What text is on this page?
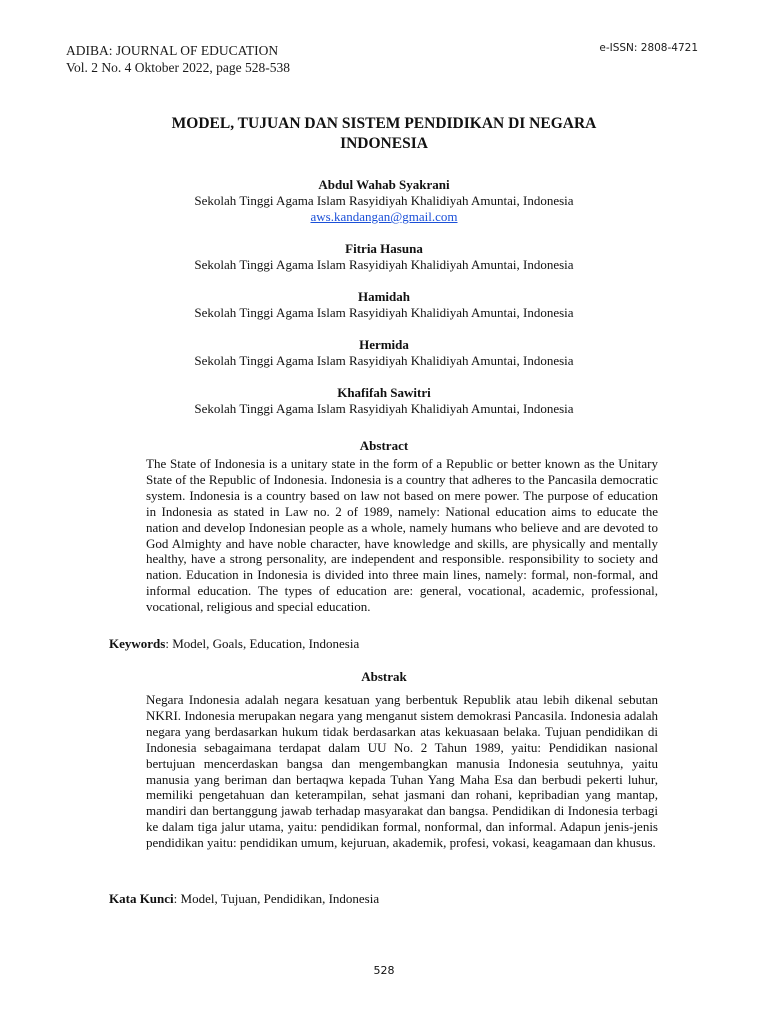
ADIBA: JOURNAL OF EDUCATION
Vol. 2 No. 4 Oktober 2022, page 528-538
e-ISSN: 2808-4721
MODEL, TUJUAN DAN SISTEM PENDIDIKAN DI NEGARA
INDONESIA
Abdul Wahab Syakrani
Sekolah Tinggi Agama Islam Rasyidiyah Khalidiyah Amuntai, Indonesia
aws.kandangan@gmail.com
Fitria Hasuna
Sekolah Tinggi Agama Islam Rasyidiyah Khalidiyah Amuntai, Indonesia
Hamidah
Sekolah Tinggi Agama Islam Rasyidiyah Khalidiyah Amuntai, Indonesia
Hermida
Sekolah Tinggi Agama Islam Rasyidiyah Khalidiyah Amuntai, Indonesia
Khafifah Sawitri
Sekolah Tinggi Agama Islam Rasyidiyah Khalidiyah Amuntai, Indonesia
Abstract
The State of Indonesia is a unitary state in the form of a Republic or better known as the Unitary State of the Republic of Indonesia. Indonesia is a country that adheres to the Pancasila democratic system. Indonesia is a country based on law not based on mere power. The purpose of education in Indonesia as stated in Law no. 2 of 1989, namely: National education aims to educate the nation and develop Indonesian people as a whole, namely humans who believe and are devoted to God Almighty and have noble character, have knowledge and skills, are physically and mentally healthy, have a strong personality, are independent and responsible. responsibility to society and nation. Education in Indonesia is divided into three main lines, namely: formal, non-formal, and informal education. The types of education are: general, vocational, academic, professional, vocational, religious and special education.
Keywords: Model, Goals, Education, Indonesia
Abstrak
Negara Indonesia adalah negara kesatuan yang berbentuk Republik atau lebih dikenal sebutan NKRI. Indonesia merupakan negara yang menganut sistem demokrasi Pancasila. Indonesia adalah negara yang berdasarkan hukum tidak berdasarkan atas kekuasaan belaka. Tujuan pendidikan di Indonesia sebagaimana terdapat dalam UU No. 2 Tahun 1989, yaitu: Pendidikan nasional bertujuan mencerdaskan bangsa dan mengembangkan manusia Indonesia seutuhnya, yaitu manusia yang beriman dan bertaqwa kepada Tuhan Yang Maha Esa dan berbudi pekerti luhur, memiliki pengetahuan dan keterampilan, sehat jasmani dan rohani, kepribadian yang mantap, mandiri dan bertanggung jawab terhadap masyarakat dan bangsa. Pendidikan di Indonesia terbagi ke dalam tiga jalur utama, yaitu: pendidikan formal, nonformal, dan informal. Adapun jenis-jenis pendidikan yaitu: pendidikan umum, kejuruan, akademik, profesi, vokasi, keagamaan dan khusus.
Kata Kunci: Model, Tujuan, Pendidikan, Indonesia
528
